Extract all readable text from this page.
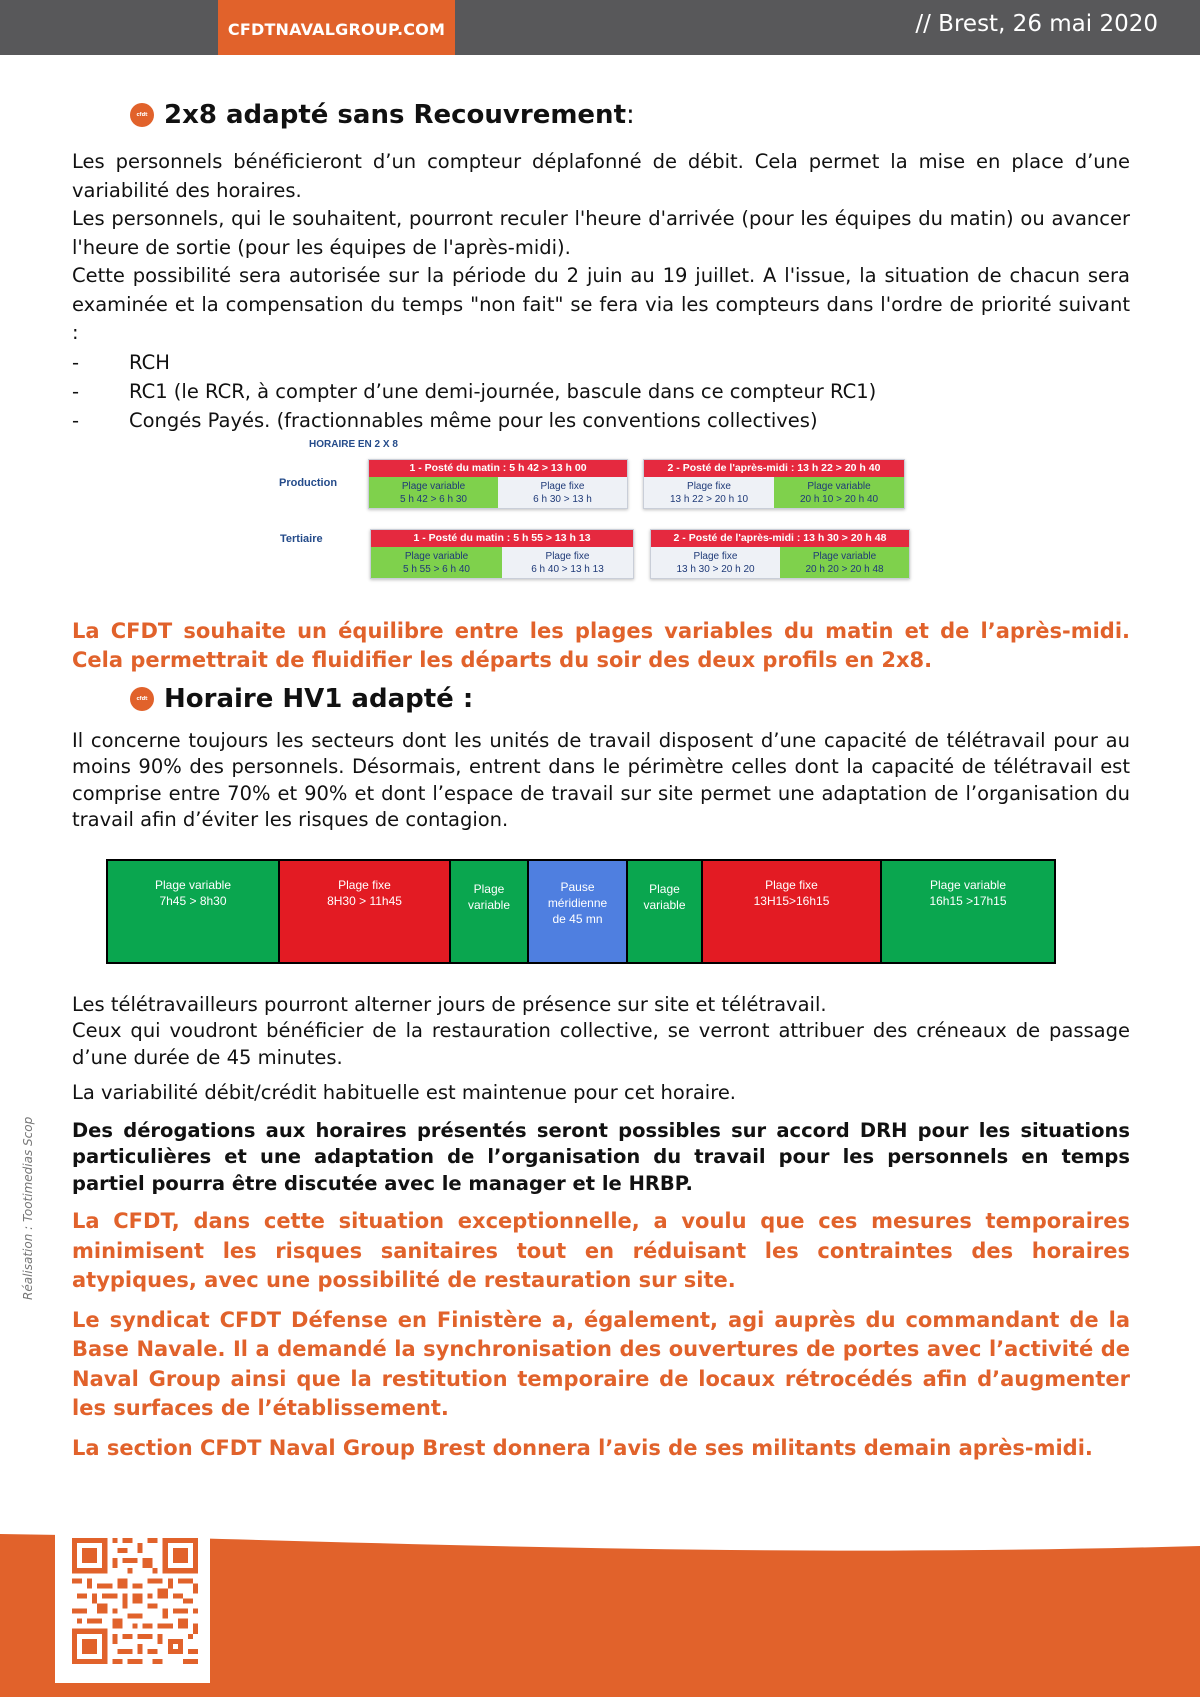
CFDTNAVALGROUP.COM	// Brest, 26 mai 2020
cfdt 2x8 adapté sans Recouvrement :

Les personnels bénéficieront d’un compteur déplafonné de débit. Cela permet la mise en place d’une variabilité des horaires.

Les personnels, qui le souhaitent, pourront reculer l'heure d'arrivée (pour les équipes du matin) ou avancer l'heure de sortie (pour les équipes de l'après-midi).

Cette possibilité sera autorisée sur la période du 2 juin au 19 juillet. A l'issue, la situation de chacun sera examinée et la compensation du temps "non fait" se fera via les compteurs dans l'ordre de priorité suivant :

- RCH
- RC1 (le RCR, à compter d’une demi-journée, bascule dans ce compteur RC1)
- Congés Payés. (fractionnables même pour les conventions collectives)
HORAIRE EN 2 X 8
Production
Tertiaire
1 - Posté du matin : 5 h 42 > 13 h 00
Plage variable
5 h 42 > 6 h 30
Plage fixe
6 h 30 > 13 h
2 - Posté de l'après-midi : 13 h 22 > 20 h 40
Plage fixe
13 h 22 > 20 h 10
Plage variable
20 h 10 > 20 h 40
1 - Posté du matin : 5 h 55 > 13 h 13
Plage variable
5 h 55 > 6 h 40
Plage fixe
6 h 40 > 13 h 13
2 - Posté de l'après-midi : 13 h 30 > 20 h 48
Plage fixe
13 h 30 > 20 h 20
Plage variable
20 h 20 > 20 h 48

La CFDT souhaite un équilibre entre les plages variables du matin et de l’après-midi. Cela permettrait de fluidifier les départs du soir des deux profils en 2x8.

cfdt Horaire HV1 adapté :

Il concerne toujours les secteurs dont les unités de travail disposent d’une capacité de télétravail pour au moins 90% des personnels. Désormais, entrent dans le périmètre celles dont la capacité de télétravail est comprise entre 70% et 90% et dont l’espace de travail sur site permet une adaptation de l’organisation du travail afin d’éviter les risques de contagion.

Plage variable
7h45 > 8h30
Plage fixe
8H30 > 11h45
Plage
variable
Pause
méridienne
de 45 mn
Plage
variable
Plage fixe
13H15>16h15
Plage variable
16h15 >17h15

Les télétravailleurs pourront alterner jours de présence sur site et télétravail.

Ceux qui voudront bénéficier de la restauration collective, se verront attribuer des créneaux de passage d’une durée de 45 minutes.

La variabilité débit/crédit habituelle est maintenue pour cet horaire.

Des dérogations aux horaires présentés seront possibles sur accord DRH pour les situations particulières et une adaptation de l’organisation du travail pour les personnels en temps partiel pourra être discutée avec le manager et le HRBP.

La CFDT, dans cette situation exceptionnelle, a voulu que ces mesures temporaires minimisent les risques sanitaires tout en réduisant les contraintes des horaires atypiques, avec une possibilité de restauration sur site.

Le syndicat CFDT Défense en Finistère a, également, agi auprès du commandant de la Base Navale. Il a demandé la synchronisation des ouvertures de portes avec l’activité de Naval Group ainsi que la restitution temporaire de locaux rétrocédés afin d’augmenter les surfaces de l’établissement.

La section CFDT Naval Group Brest donnera l’avis de ses militants demain après-midi.

Réalisation : Tootimedias Scop
